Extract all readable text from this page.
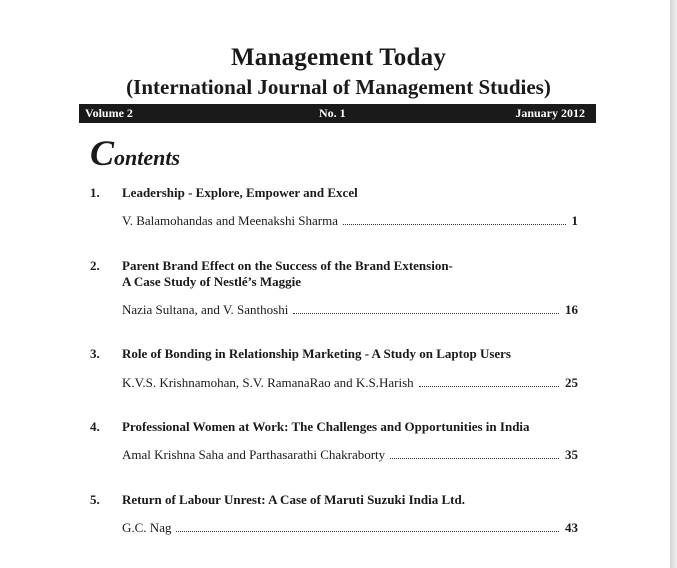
Management Today
(International Journal of Management Studies)
Volume 2	No. 1	January 2012
Contents
1. Leadership - Explore, Empower and Excel
V. Balamohandas and Meenakshi Sharma	1
2. Parent Brand Effect on the Success of the Brand Extension-
A Case Study of Nestlé’s Maggie
Nazia Sultana, and V. Santhoshi	16
3. Role of Bonding in Relationship Marketing - A Study on Laptop Users
K.V.S. Krishnamohan, S.V. RamanaRao and K.S.Harish	25
4. Professional Women at Work: The Challenges and Opportunities in India
Amal Krishna Saha and Parthasarathi Chakraborty	35
5. Return of Labour Unrest: A Case of Maruti Suzuki India Ltd.
G.C. Nag	43
